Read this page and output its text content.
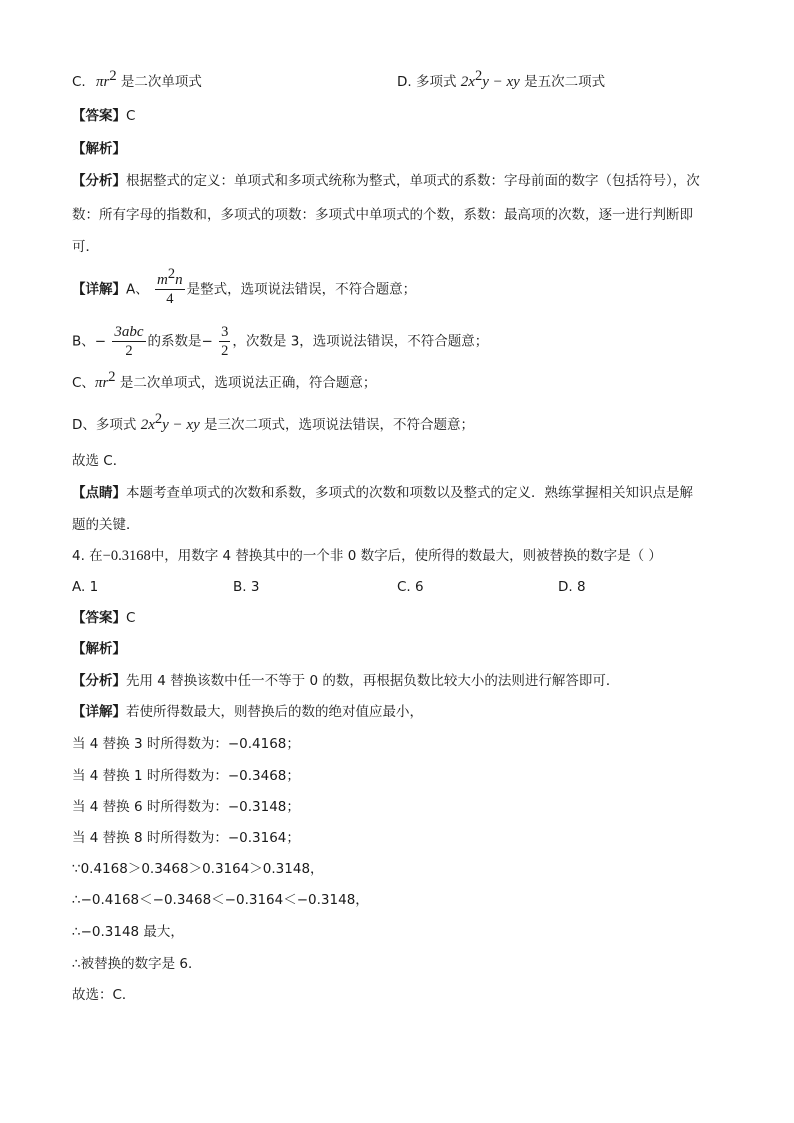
C. $\pi r^2$ 是二次单项式	D. 多项式 $2x^2y$ − xy 是五次二项式
【答案】C
【解析】
【分析】根据整式的定义：单项式和多项式统称为整式，单项式的系数：字母前面的数字（包括符号），次
数：所有字母的指数和，多项式的项数：多项式中单项式的个数，系数：最高项的次数，逐一进行判断即
可．
【详解】A、 $\frac{m^2n}{4}$ 是整式，选项说法错误，不符合题意；
B、− $\frac{\text{3abc}}{2}$ 的系数是− $\frac{3}{2}$ ，次数是 3，选项说法错误，不符合题意；
C、$\pi r^2$ 是二次单项式，选项说法正确，符合题意；
D、多项式 $2x^2y$ − xy 是三次二项式，选项说法错误，不符合题意；
故选 C．
【点睛】本题考查单项式的次数和系数，多项式的次数和项数以及整式的定义．熟练掌握相关知识点是解
题的关键．
4. 在−0.3168中，用数字 4 替换其中的一个非 0 数字后，使所得的数最大，则被替换的数字是（ ）
A. 1	B. 3	C. 6	D. 8
【答案】C
【解析】
【分析】先用 4 替换该数中任一不等于 0 的数，再根据负数比较大小的法则进行解答即可．
【详解】若使所得数最大，则替换后的数的绝对值应最小，
当 4 替换 3 时所得数为：−0.4168；
当 4 替换 1 时所得数为：−0.3468；
当 4 替换 6 时所得数为：−0.3148；
当 4 替换 8 时所得数为：−0.3164；
∵0.4168＞0.3468＞0.3164＞0.3148，
∴−0.4168＜−0.3468＜−0.3164＜−0.3148，
∴−0.3148 最大，
∴被替换的数字是 6．
故选：C．
